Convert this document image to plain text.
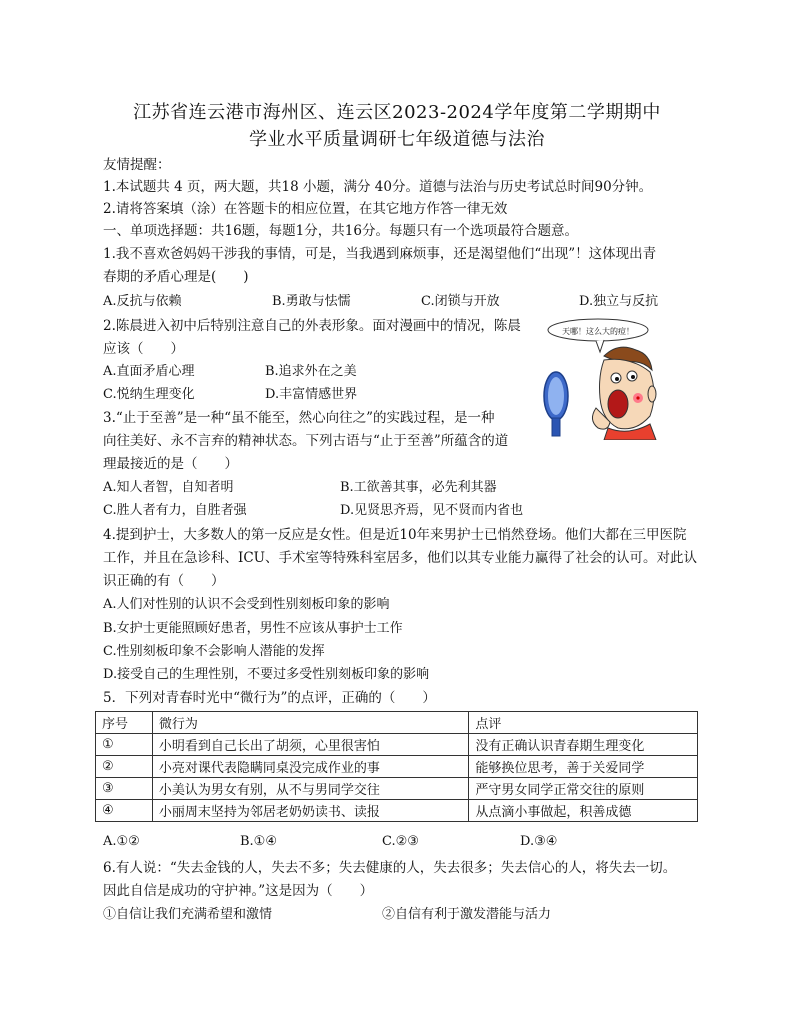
江苏省连云港市海州区、连云区2023-2024学年度第二学期期中
学业水平质量调研七年级道德与法治
友情提醒：
1.本试题共 4 页，两大题，共18 小题，满分 40分。道德与法治与历史考试总时间90分钟。
2.请将答案填（涂）在答题卡的相应位置，在其它地方作答一律无效
一、单项选择题：共16题，每题1分，共16分。每题只有一个选项最符合题意。
1.我不喜欢爸妈妈干涉我的事情，可是，当我遇到麻烦事，还是渴望他们“出现”！这体现出青
春期的矛盾心理是(　　)
A.反抗与依赖	B.勇敢与怯懦	C.闭锁与开放	D.独立与反抗
2.陈晨进入初中后特别注意自己的外表形象。面对漫画中的情况，陈晨
应该（　　）
A.直面矛盾心理	B.追求外在之美
C.悦纳生理变化	D.丰富情感世界
天哪！这么大的痘！
3.“止于至善”是一种“虽不能至，然心向往之”的实践过程，是一种
向往美好、永不言弃的精神状态。下列古语与“止于至善”所蕴含的道
理最接近的是（　　）
A.知人者智，自知者明	B.工欲善其事，必先利其器
C.胜人者有力，自胜者强	D.见贤思齐焉，见不贤而内省也
4.提到护士，大多数人的第一反应是女性。但是近10年来男护士已悄然登场。他们大都在三甲医院
工作，并且在急诊科、ICU、手术室等特殊科室居多，他们以其专业能力赢得了社会的认可。对此认
识正确的有（　　）
A.人们对性别的认识不会受到性别刻板印象的影响
B.女护士更能照顾好患者，男性不应该从事护士工作
C.性别刻板印象不会影响人潜能的发挥
D.接受自己的生理性别，不要过多受性别刻板印象的影响
5．下列对青春时光中“微行为”的点评，正确的（　　）
序号	微行为	点评
①	小明看到自己长出了胡须，心里很害怕	没有正确认识青春期生理变化
②	小亮对课代表隐瞒同桌没完成作业的事	能够换位思考，善于关爱同学
③	小美认为男女有别，从不与男同学交往	严守男女同学正常交往的原则
④	小丽周末坚持为邻居老奶奶读书、读报	从点滴小事做起，积善成德
A.①②	B.①④	C.②③	D.③④
6.有人说：“失去金钱的人，失去不多；失去健康的人，失去很多；失去信心的人，将失去一切。
因此自信是成功的守护神。”这是因为（　　）
①自信让我们充满希望和激情	②自信有利于激发潜能与活力
